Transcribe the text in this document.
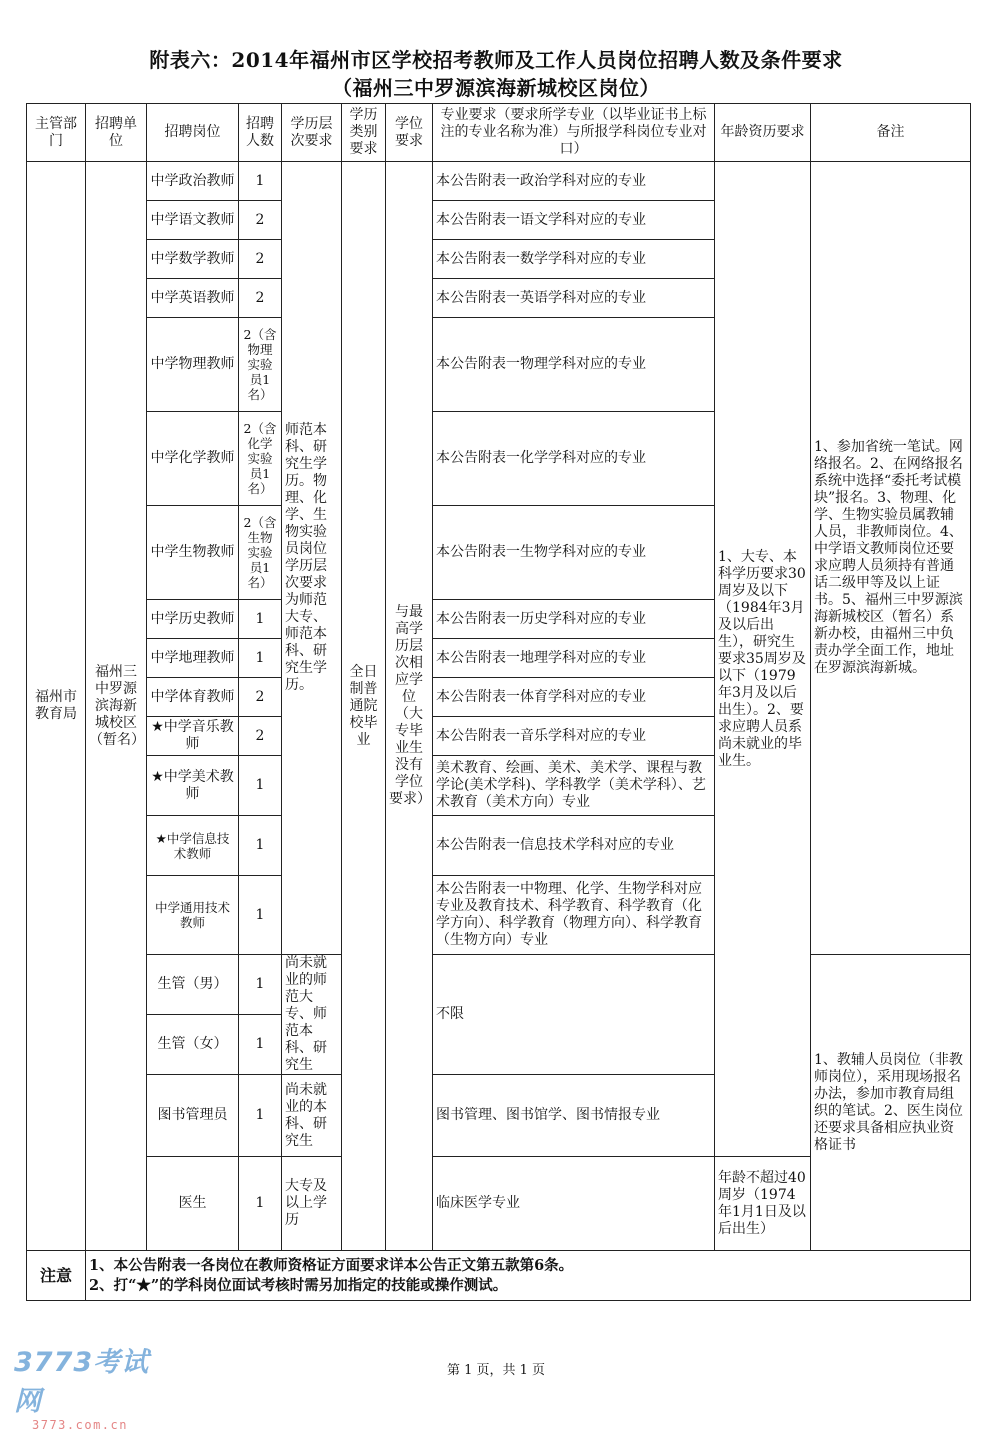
附表六：2014年福州市区学校招考教师及工作人员岗位招聘人数及条件要求
（福州三中罗源滨海新城校区岗位）
主管部门	招聘单位	招聘岗位	招聘人数	学历层次要求	学历类别要求	学位要求	专业要求（要求所学专业（以毕业证书上标注的专业名称为准）与所报学科岗位专业对口）	年龄资历要求	备注
福州市教育局	福州三中罗源滨海新城校区（暂名）	中学政治教师	1	师范本科、研究生学历。物理、化学、生物实验员岗位学历层次要求为师范大专、师范本科、研究生学历。	全日制普通院校毕业	与最高学历层次相应学位（大专毕业生没有学位要求）	本公告附表一政治学科对应的专业	1、大专、本科学历要求30周岁及以下（1984年3月及以后出生），研究生要求35周岁及以下（1979年3月及以后出生）。2、要求应聘人员系尚未就业的毕业生。	1、参加省统一笔试。网络报名。2、在网络报名系统中选择“委托考试模块”报名。3、物理、化学、生物实验员属教辅人员，非教师岗位。4、中学语文教师岗位还要求应聘人员须持有普通话二级甲等及以上证书。5、福州三中罗源滨海新城校区（暂名）系新办校，由福州三中负责办学全面工作，地址在罗源滨海新城。
		中学语文教师	2				本公告附表一语文学科对应的专业		
		中学数学教师	2				本公告附表一数学学科对应的专业		
		中学英语教师	2				本公告附表一英语学科对应的专业		
		中学物理教师	2（含物理实验员1名）				本公告附表一物理学科对应的专业		
		中学化学教师	2（含化学实验员1名）				本公告附表一化学学科对应的专业		
		中学生物教师	2（含生物实验员1名）				本公告附表一生物学科对应的专业		
		中学历史教师	1				本公告附表一历史学科对应的专业		
		中学地理教师	1				本公告附表一地理学科对应的专业		
		中学体育教师	2				本公告附表一体育学科对应的专业		
		★中学音乐教师	2				本公告附表一音乐学科对应的专业		
		★中学美术教师	1				美术教育、绘画、美术、美术学、课程与教学论(美术学科)、学科教学（美术学科）、艺术教育（美术方向）专业		
		★中学信息技术教师	1				本公告附表一信息技术学科对应的专业		
		中学通用技术教师	1				本公告附表一中物理、化学、生物学科对应专业及教育技术、科学教育、科学教育（化学方向）、科学教育（物理方向）、科学教育（生物方向）专业		
		生管（男）	1	尚未就业的师范大专、师范本科、研究生			不限		1、教辅人员岗位（非教师岗位），采用现场报名办法，参加市教育局组织的笔试。2、医生岗位还要求具备相应执业资格证书
		生管（女）	1						
		图书管理员	1	尚未就业的本科、研究生			图书管理、图书馆学、图书情报专业		
		医生	1	大专及以上学历			临床医学专业	年龄不超过40周岁（1974年1月1日及以后出生）	
注意	1、本公告附表一各岗位在教师资格证方面要求详本公告正文第五款第6条。
2、打“★”的学科岗位面试考核时需另加指定的技能或操作测试。								
3773考试网
3773.com.cn
第 1 页，共 1 页
